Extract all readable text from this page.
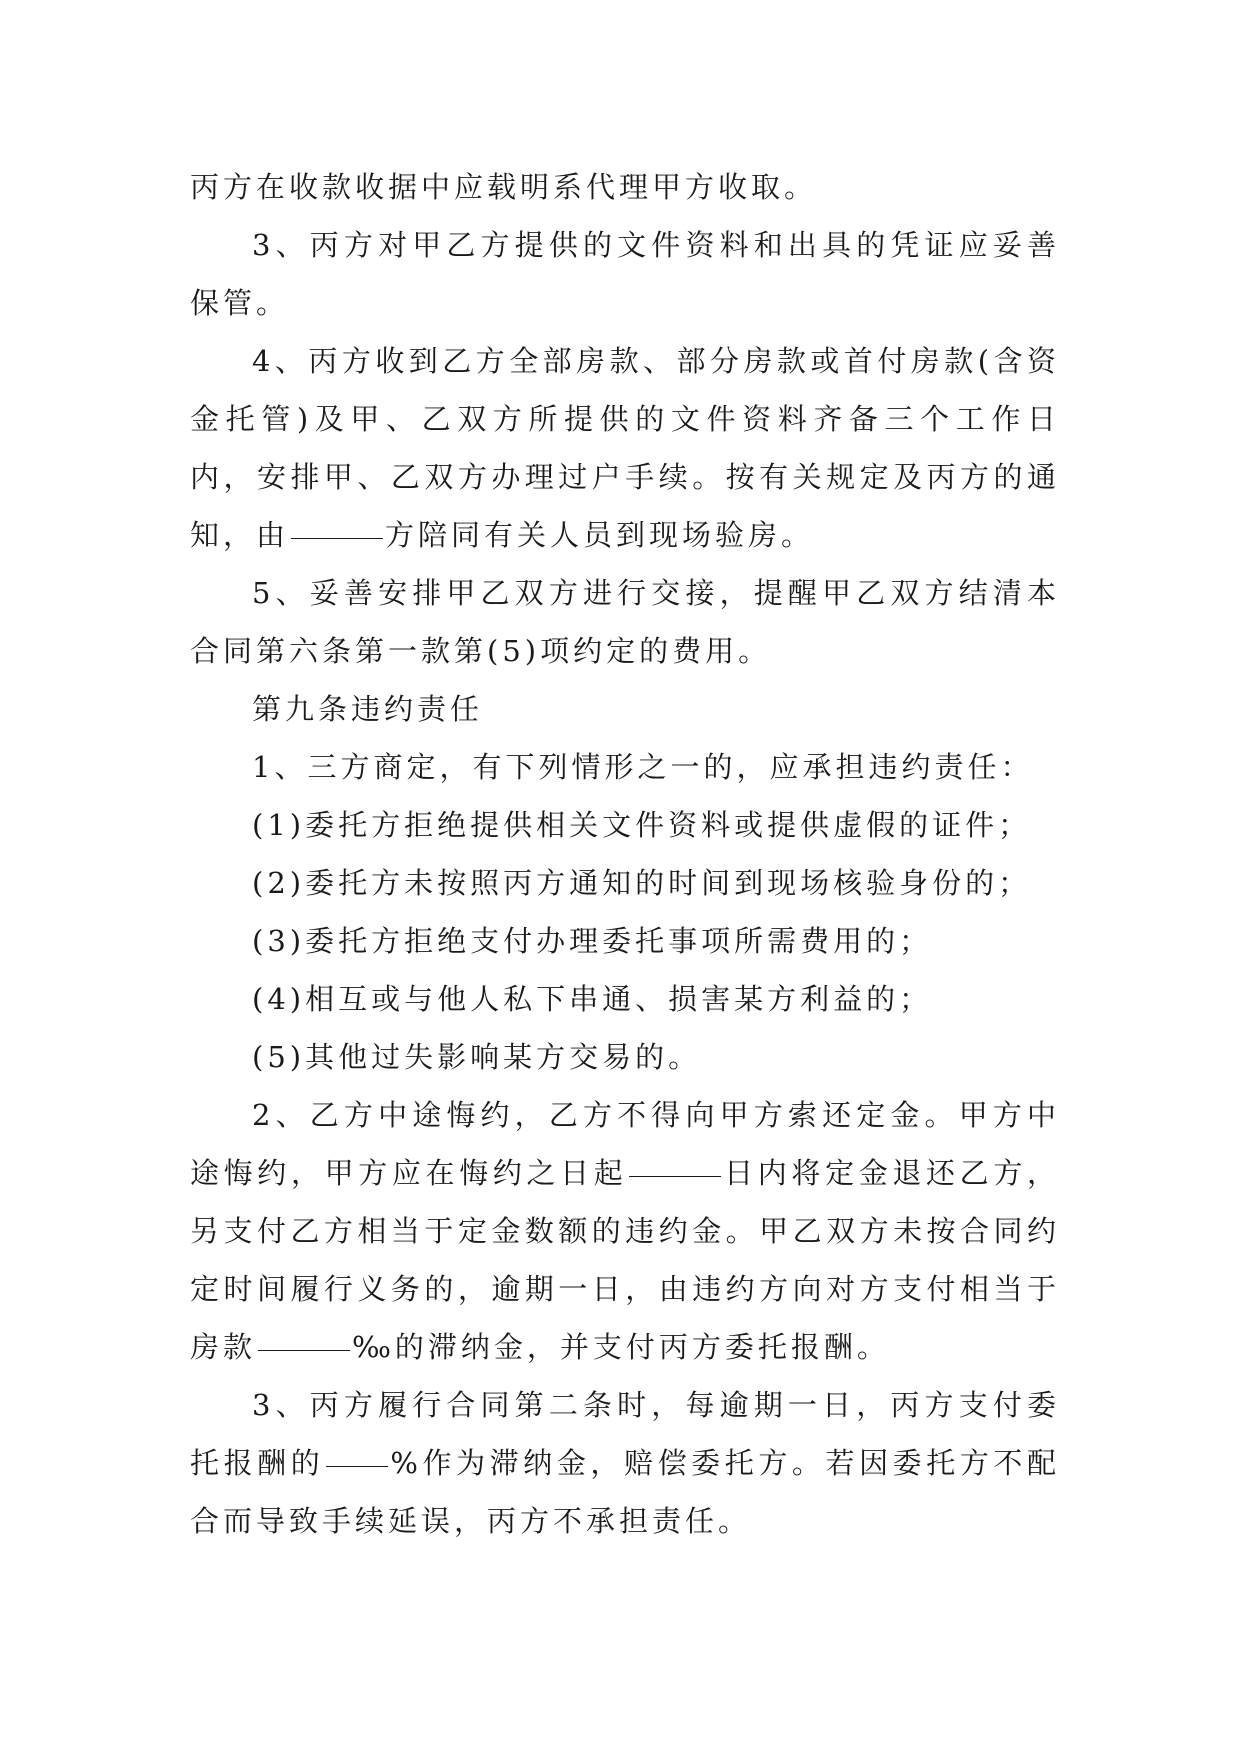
丙方在收款收据中应载明系代理甲方收取。

3、丙方对甲乙方提供的文件资料和出具的凭证应妥善保管。

4、丙方收到乙方全部房款、部分房款或首付房款(含资金托管)及甲、乙双方所提供的文件资料齐备三个工作日内，安排甲、乙双方办理过户手续。按有关规定及丙方的通知，由	方陪同有关人员到现场验房。

5、妥善安排甲乙双方进行交接，提醒甲乙双方结清本合同第六条第一款第(5)项约定的费用。

第九条违约责任

1、三方商定，有下列情形之一的，应承担违约责任：

(1)委托方拒绝提供相关文件资料或提供虚假的证件；

(2)委托方未按照丙方通知的时间到现场核验身份的；

(3)委托方拒绝支付办理委托事项所需费用的；

(4)相互或与他人私下串通、损害某方利益的；

(5)其他过失影响某方交易的。

2、乙方中途悔约，乙方不得向甲方索还定金。甲方中途悔约，甲方应在悔约之日起	日内将定金退还乙方，另支付乙方相当于定金数额的违约金。甲乙双方未按合同约定时间履行义务的，逾期一日，由违约方向对方支付相当于房款	‰的滞纳金，并支付丙方委托报酬。

3、丙方履行合同第二条时，每逾期一日，丙方支付委托报酬的 %作为滞纳金，赔偿委托方。若因委托方不配合而导致手续延误，丙方不承担责任。
